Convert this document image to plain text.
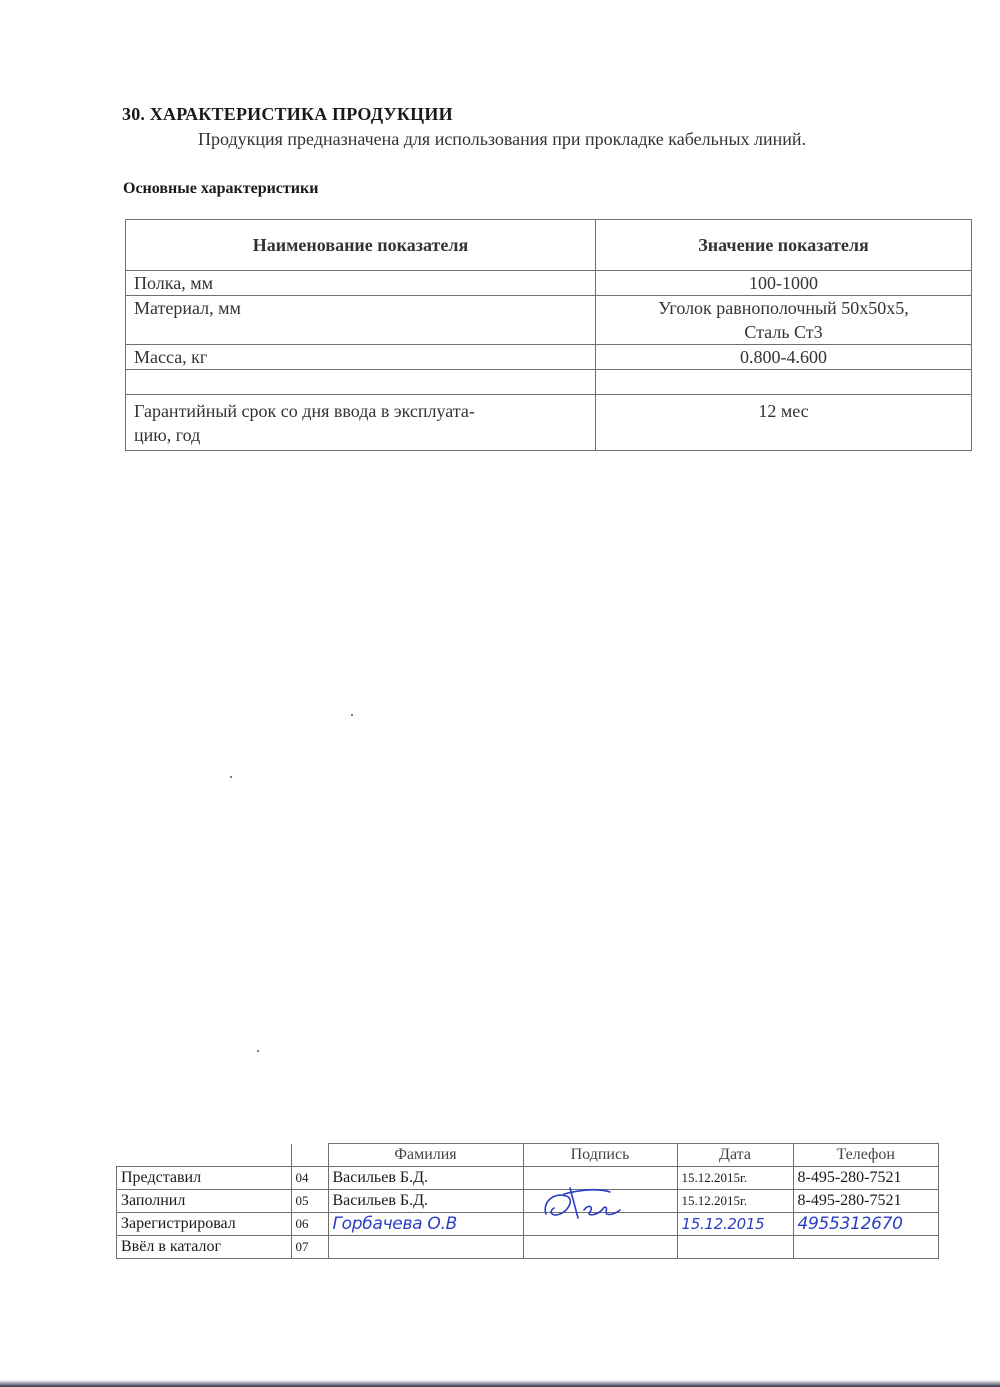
30. ХАРАКТЕРИСТИКА ПРОДУКЦИИ
Продукция предназначена для использования при прокладке кабельных линий.
Основные характеристики
Наименование показателя	Значение показателя
Полка, мм	100-1000
Материал, мм	Уголок равнополочный 50х50х5,
Сталь Ст3

Масса, кг	0.800-4.600

Гарантийный срок со дня ввода в эксплуата-
цию, год	12 мес
		Фамилия	Подпись	Дата	Телефон
Представил	04	Васильев Б.Д.		15.12.2015г.	8-495-280-7521
Заполнил	05	Васильев Б.Д.		15.12.2015г.	8-495-280-7521
Зарегистрировал	06	Горбачева О.В		15.12.2015	4955312670
Ввёл в каталог	07				
